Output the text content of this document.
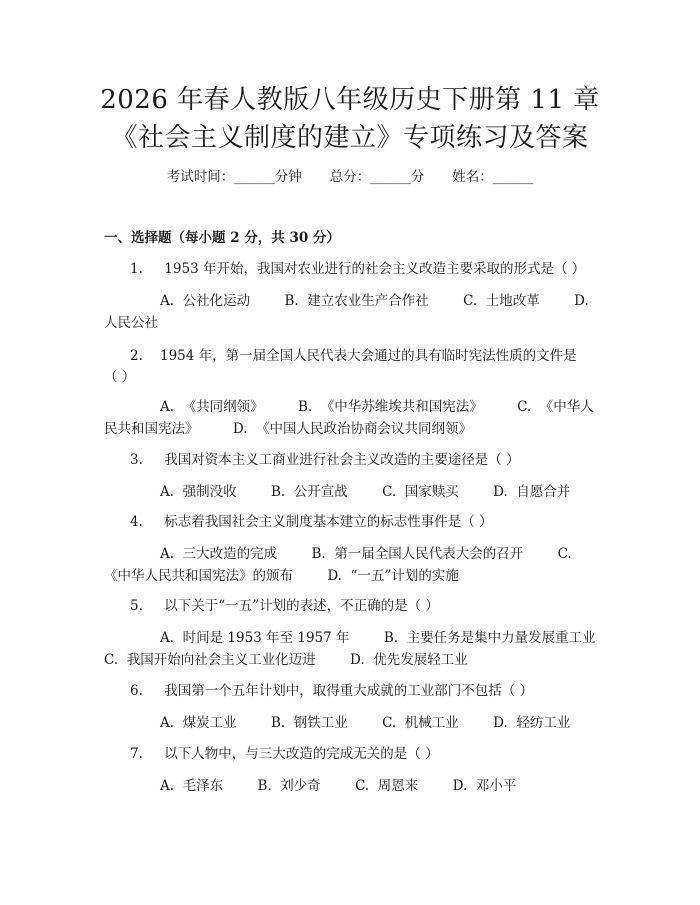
2026 年春人教版八年级历史下册第 11 章
《社会主义制度的建立》专项练习及答案
考试时间：______分钟 总分：______分 姓名：______
一、选择题（每小题 2 分，共 30 分）
1. 1953 年开始，我国对农业进行的社会主义改造主要采取的形式是（ ）
A.  公社化运动        B.  建立农业生产合作社        C.  土地改革        D.
人民公社
2. 1954 年，第一届全国人民代表大会通过的具有临时宪法性质的文件是
（ ）
A.  《共同纲领》        B.  《中华苏维埃共和国宪法》        C.  《中华人
民共和国宪法》        D.  《中国人民政治协商会议共同纲领》
3. 我国对资本主义工商业进行社会主义改造的主要途径是（ ）
A.  强制没收        B.  公开宣战        C.  国家赎买        D.  自愿合并
4. 标志着我国社会主义制度基本建立的标志性事件是（ ）
A.  三大改造的完成        B.  第一届全国人民代表大会的召开        C.
《中华人民共和国宪法》的颁布        D.  “一五”计划的实施
5. 以下关于“一五”计划的表述，不正确的是（ ）
A.  时间是 1953 年至 1957 年        B.  主要任务是集中力量发展重工业
C.  我国开始向社会主义工业化迈进        D.  优先发展轻工业
6. 我国第一个五年计划中，取得重大成就的工业部门不包括（ ）
A.  煤炭工业        B.  钢铁工业        C.  机械工业        D.  轻纺工业
7. 以下人物中，与三大改造的完成无关的是（ ）
A.  毛泽东        B.  刘少奇        C.  周恩来        D.  邓小平
